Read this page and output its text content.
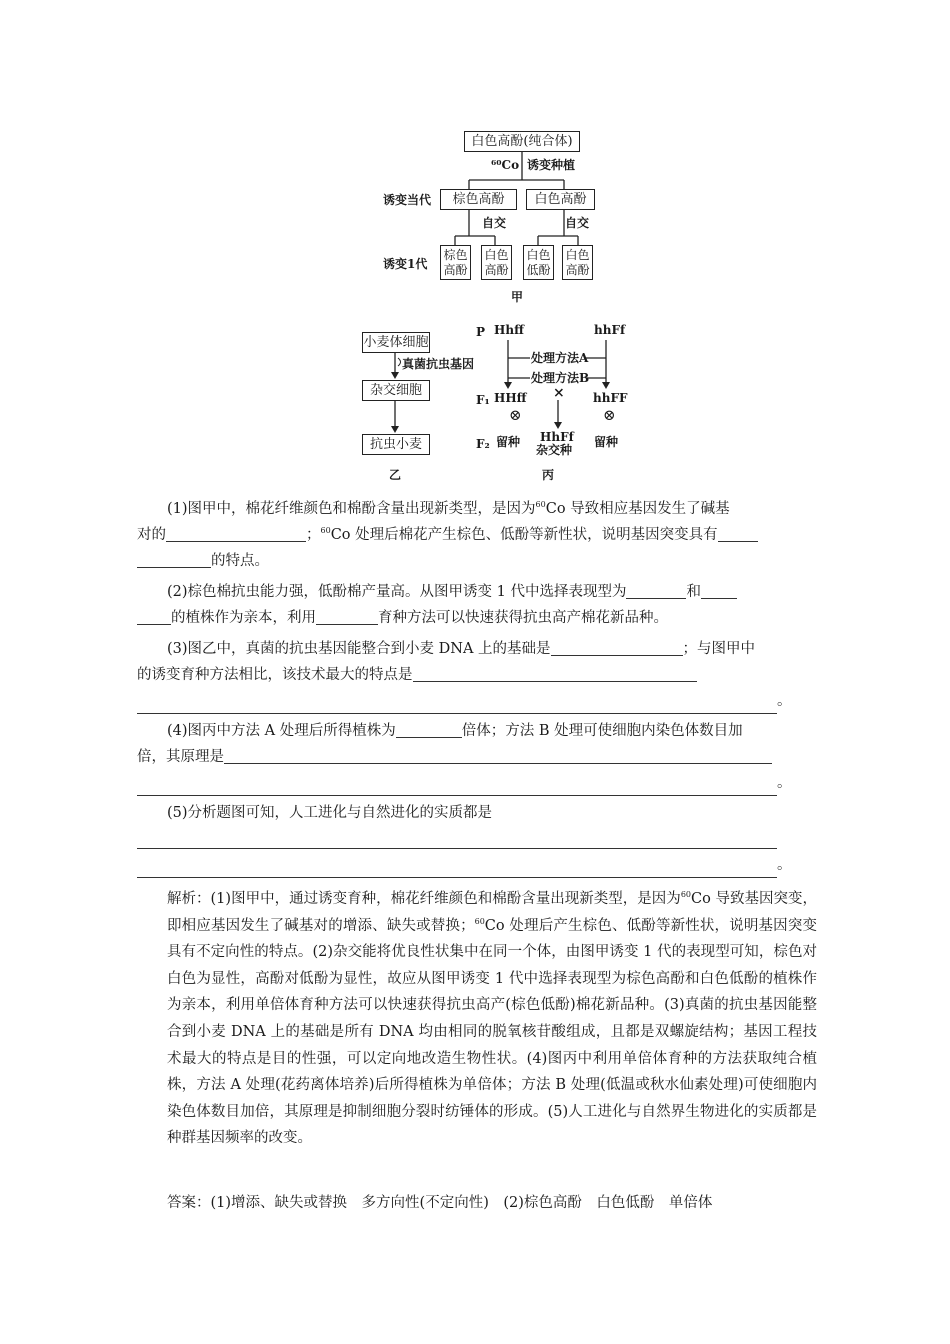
白色高酚(纯合体)
⁶⁰Co 诱变种植
诱变当代	棕色高酚	白色高酚
自交	自交
诱变1代
棕色
高酚
白色
高酚
白色
低酚
白色
高酚
甲
小麦体细胞
真菌抗虫基因
杂交细胞
抗虫小麦
乙
P Hhff	hhFf
处理方法A
处理方法B
F₁ HHff × hhFF
⊗	⊗
F₂ 留种 HhFf
杂交种
留种
丙
(1)图甲中，棉花纤维颜色和棉酚含量出现新类型，是因为$^{60}$Co 导致相应基因发生了碱基
对的	；$^{60}$Co 处理后棉花产生棕色、低酚等新性状，说明基因突变具有
的特点。
(2)棕色棉抗虫能力强，低酚棉产量高。从图甲诱变 1 代中选择表现型为	和
的植株作为亲本，利用	育种方法可以快速获得抗虫高产棉花新品种。
(3)图乙中，真菌的抗虫基因能整合到小麦 DNA 上的基础是	；与图甲中
的诱变育种方法相比，该技术最大的特点是
。
(4)图丙中方法 A 处理后所得植株为	倍体；方法 B 处理可使细胞内染色体数目加
倍，其原理是
。
(5)分析题图可知，人工进化与自然进化的实质都是
。
解析：(1)图甲中，通过诱变育种，棉花纤维颜色和棉酚含量出现新类型，是因为$^{60}$Co 导致基因突变，即相应基因发生了碱基对的增添、缺失或替换；$^{60}$Co 处理后产生棕色、低酚等新性状，说明基因突变具有不定向性的特点。(2)杂交能将优良性状集中在同一个体，由图甲诱变 1 代的表现型可知，棕色对白色为显性，高酚对低酚为显性，故应从图甲诱变 1 代中选择表现型为棕色高酚和白色低酚的植株作为亲本，利用单倍体育种方法可以快速获得抗虫高产(棕色低酚)棉花新品种。(3)真菌的抗虫基因能整合到小麦 DNA 上的基础是所有 DNA 均由相同的脱氧核苷酸组成，且都是双螺旋结构；基因工程技术最大的特点是目的性强，可以定向地改造生物性状。(4)图丙中利用单倍体育种的方法获取纯合植株，方法 A 处理(花药离体培养)后所得植株为单倍体；方法 B 处理(低温或秋水仙素处理)可使细胞内染色体数目加倍，其原理是抑制细胞分裂时纺锤体的形成。(5)人工进化与自然界生物进化的实质都是种群基因频率的改变。
答案：(1)增添、缺失或替换　多方向性(不定向性)　(2)棕色高酚　白色低酚　单倍体
